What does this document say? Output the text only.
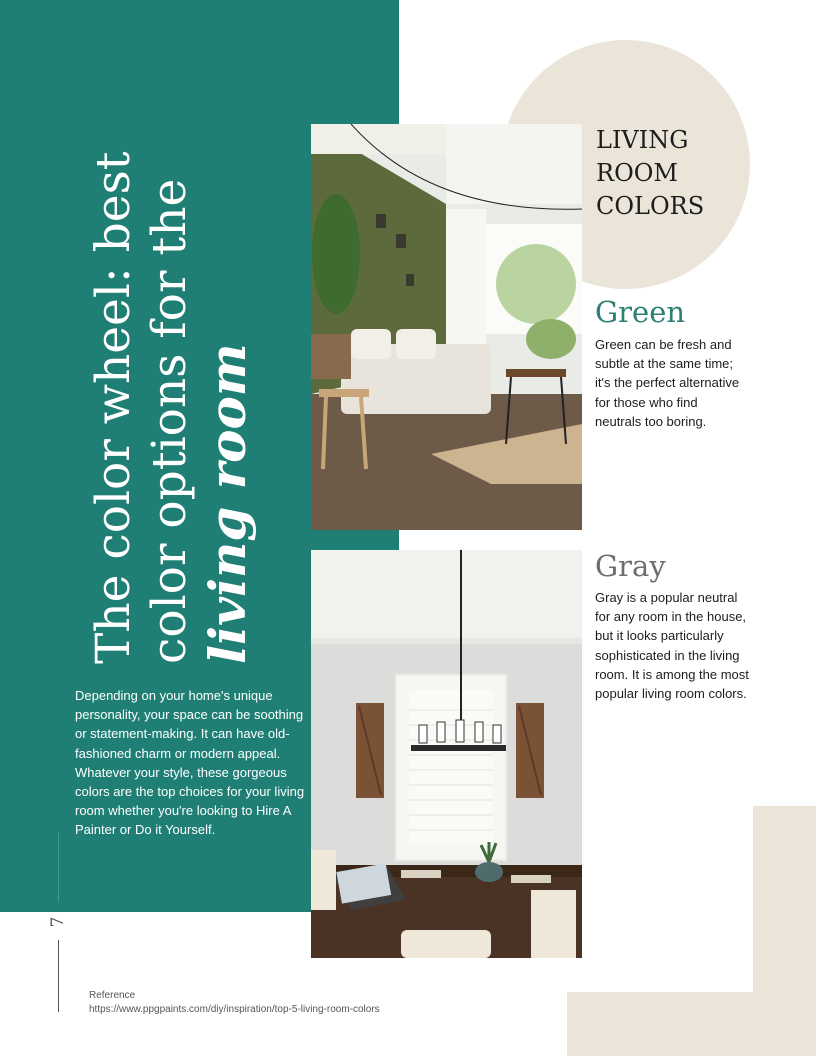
The color wheel: best color options for the living room

Depending on your home's unique personality, your space can be soothing or statement-making. It can have old-fashioned charm or modern appeal. Whatever your style, these gorgeous colors are the top choices for your living room whether you're looking to Hire A Painter or Do it Yourself.

7
LIVING ROOM COLORS
Green

Green can be fresh and subtle at the same time; it's the perfect alternative for those who find neutrals too boring.

Gray

Gray is a popular neutral for any room in the house, but it looks particularly sophisticated in the living room. It is among the most popular living room colors.

Reference
https://www.ppgpaints.com/diy/inspiration/top-5-living-room-colors
